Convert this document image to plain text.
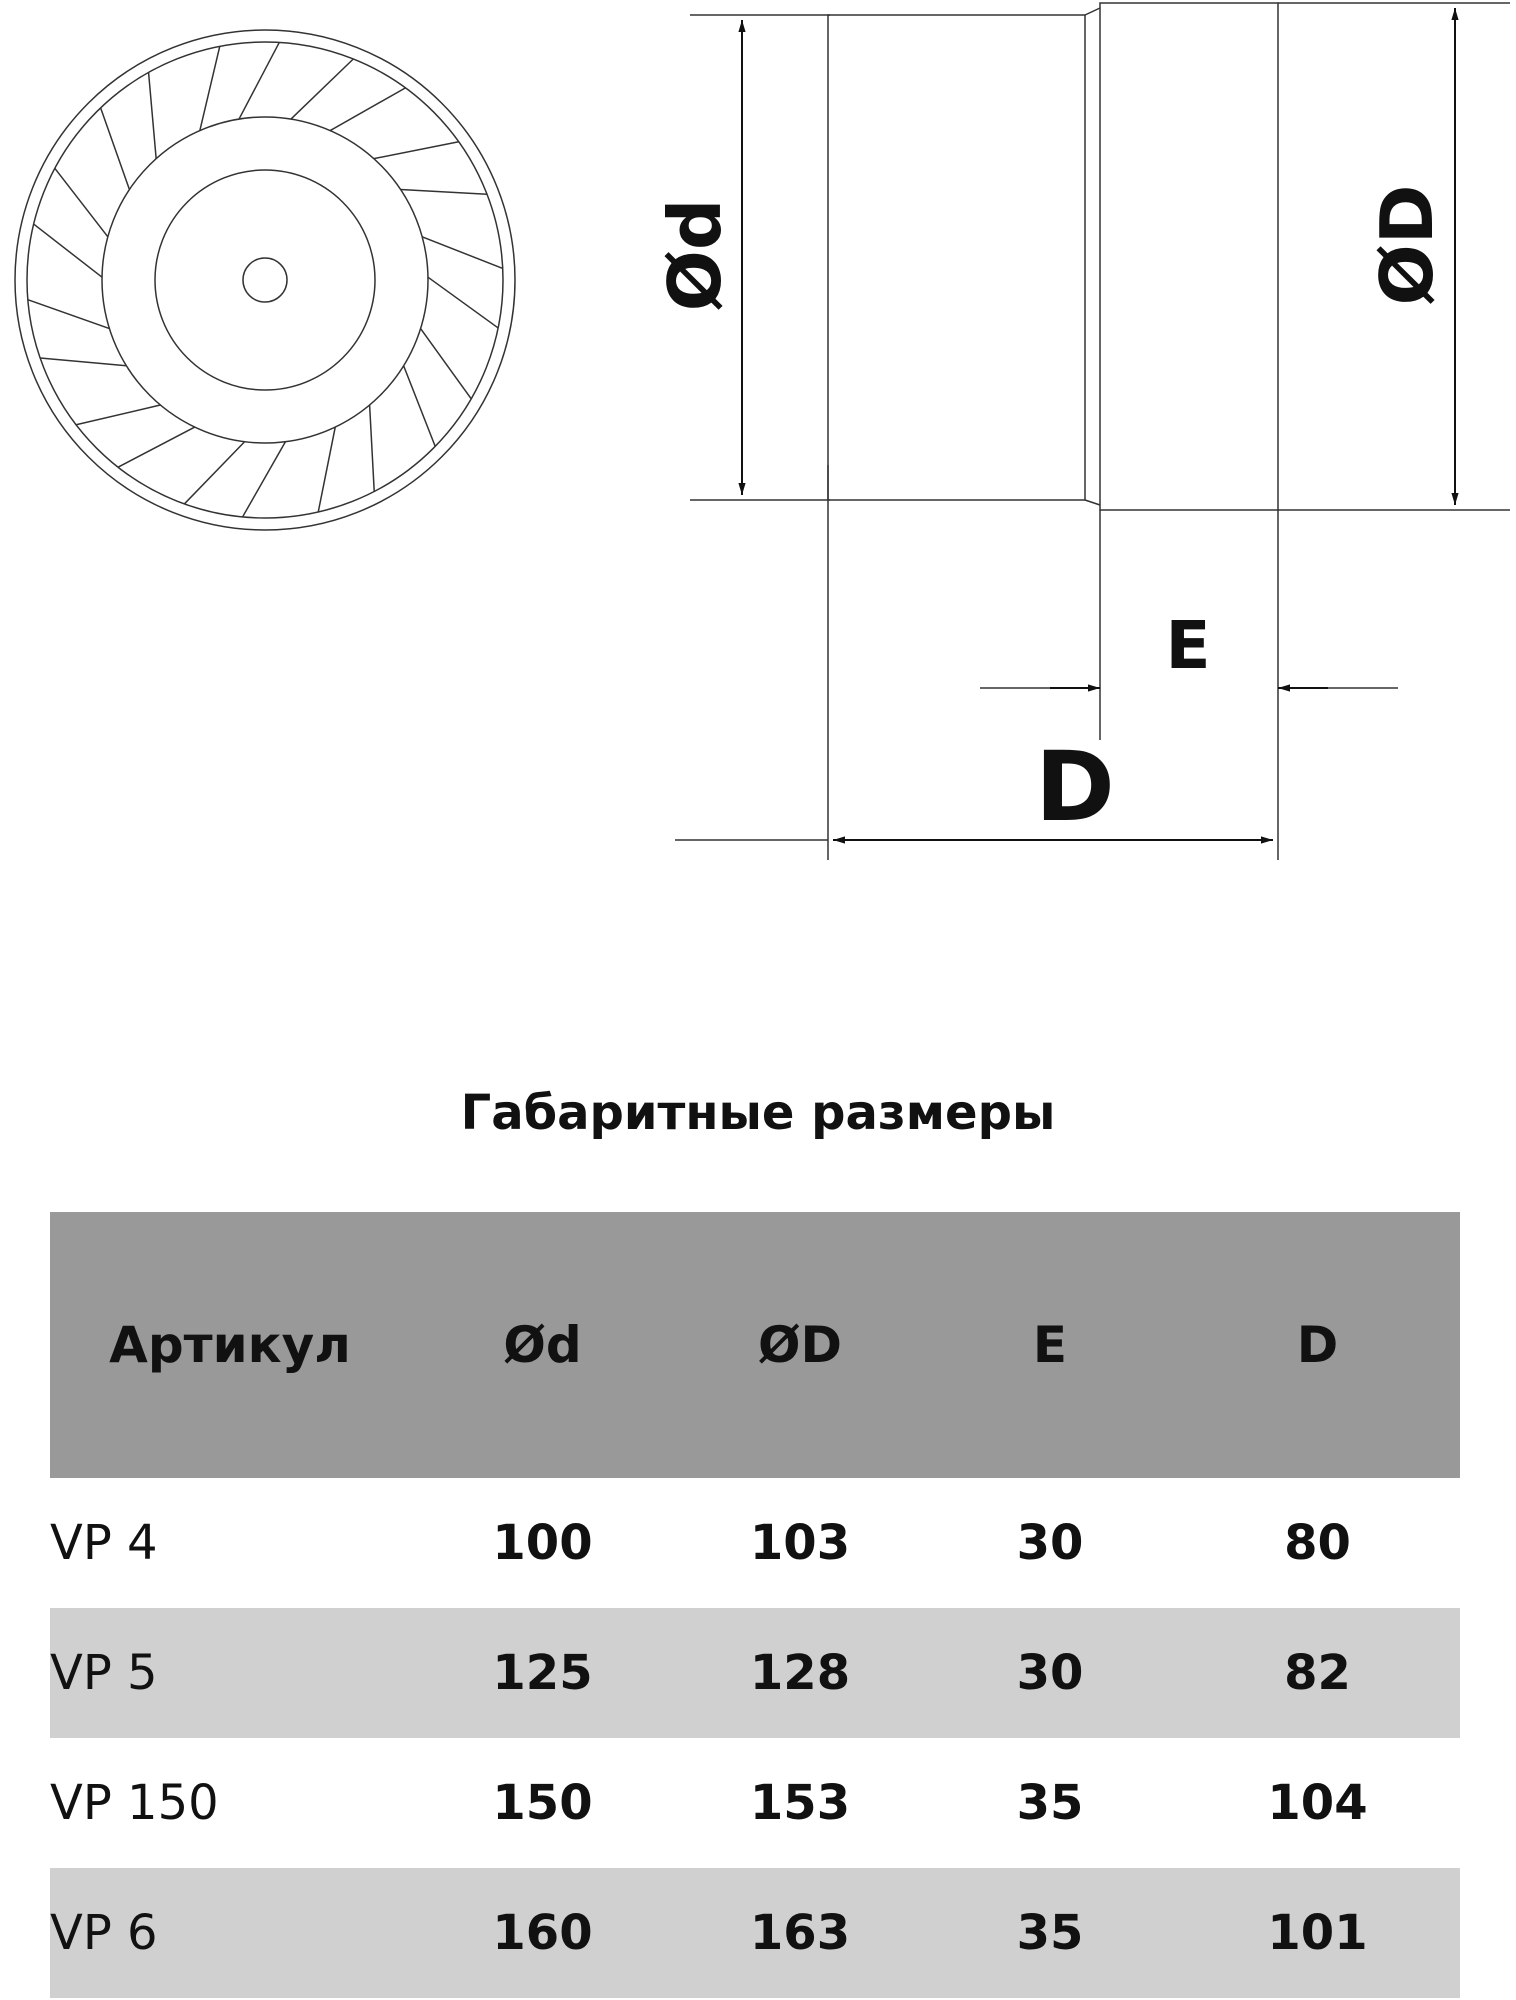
Ød	ØD
E
D
Габаритные размеры
Артикул	Ød	ØD	E	D
VP 4	100	103	30	80
VP 5	125	128	30	82
VP 150	150	153	35	104
VP 6	160	163	35	101
